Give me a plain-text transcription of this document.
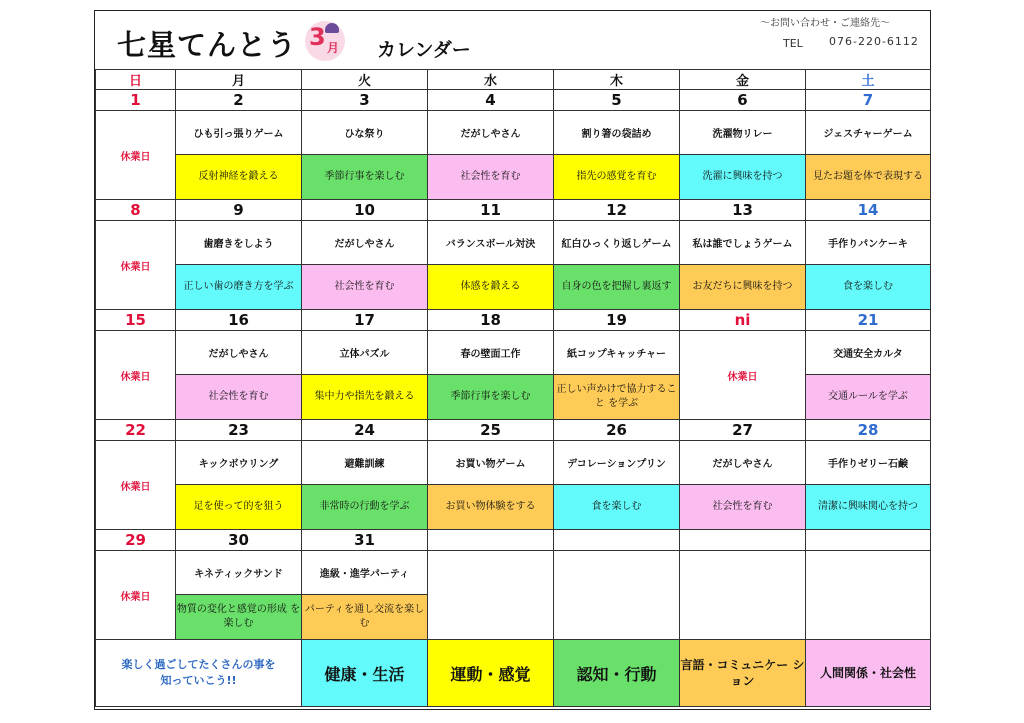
七星てんとう 3 月 カレンダー
〜お問い合わせ・ご連絡先〜
TEL 076-220-6112
日	月	火	水	木	金	土
1	2	3	4	5	6	7
休業日	ひも引っ張りゲーム	ひな祭り	だがしやさん	割り箸の袋詰め	洗濯物リレー	ジェスチャーゲーム
	反射神経を鍛える	季節行事を楽しむ	社会性を育む	指先の感覚を育む	洗濯に興味を持つ	見たお題を体で表現する
8	9	10	11	12	13	14
休業日	歯磨きをしよう	だがしやさん	バランスボール対決	紅白ひっくり返しゲーム	私は誰でしょうゲーム	手作りパンケーキ
	正しい歯の磨き方を学ぶ	社会性を育む	体感を鍛える	自身の色を把握し裏返す	お友だちに興味を持つ	食を楽しむ
15	16	17	18	19	ni	21
休業日	だがしやさん	立体パズル	春の壁面工作	紙コップキャッチャー	休業日	交通安全カルタ
	社会性を育む	集中力や指先を鍛える	季節行事を楽しむ	正しい声かけで協力すること を学ぶ		交通ルールを学ぶ
22	23	24	25	26	27	28
休業日	キックボウリング	避難訓練	お買い物ゲーム	デコレーションプリン	だがしやさん	手作りゼリー石鹸
	足を使って的を狙う	非常時の行動を学ぶ	お買い物体験をする	食を楽しむ	社会性を育む	清潔に興味関心を持つ
29	30	31				
休業日	キネティックサンド	進級・進学パーティ				
	物質の変化と感覚の形成 を楽しむ	パーティを通し交流を楽し む				
楽しく過ごしてたくさんの事を
知っていこう!!		健康・生活	運動・感覚	認知・行動	言語・コミュニケー ション	人間関係・社会性
